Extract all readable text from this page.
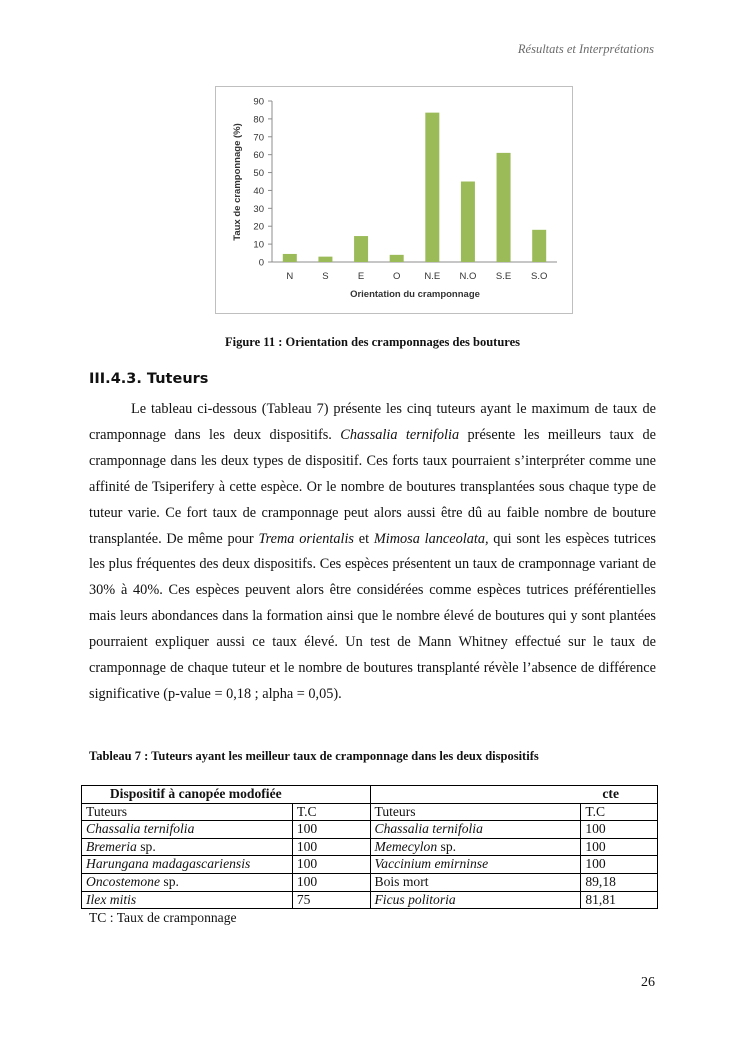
Résultats et Interprétations
0
10
20
30
40
50
60
70
80
90
N	S	E	O	N.E N.O S.E S.O
Orientation du cramponnage
Taux de cramponnage (%)
Figure 11 : Orientation des cramponnages des boutures
III.4.3. Tuteurs

Le tableau ci-dessous (Tableau 7) présente les cinq tuteurs ayant le maximum de taux de cramponnage dans les deux dispositifs. Chassalia ternifolia présente les meilleurs taux de cramponnage dans les deux types de dispositif. Ces forts taux pourraient s’interpréter comme une affinité de Tsiperifery à cette espèce. Or le nombre de boutures transplantées sous chaque type de tuteur varie. Ce fort taux de cramponnage peut alors aussi être dû au faible nombre de bouture transplantée. De même pour Trema orientalis et Mimosa lanceolata, qui sont les espèces tutrices les plus fréquentes des deux dispositifs. Ces espèces présentent un taux de cramponnage variant de 30% à 40%. Ces espèces peuvent alors être considérées comme espèces tutrices préférentielles mais leurs abondances dans la formation ainsi que le nombre élevé de boutures qui y sont plantées pourraient expliquer aussi ce taux élevé. Un test de Mann Whitney effectué sur le taux de cramponnage de chaque tuteur et le nombre de boutures transplanté révèle l’absence de différence significative (p-value = 0,18 ; alpha = 0,05).

Tableau 7 : Tuteurs ayant les meilleur taux de cramponnage dans les deux dispositifs
Dispositif à canopée modofiée		cte	
Tuteurs	T.C	Tuteurs	T.C
Chassalia ternifolia	100	Chassalia ternifolia	100
Bremeria sp.	100	Memecylon sp.	100
Harungana madagascariensis	100	Vaccinium emirninse	100
Oncostemone sp.	100	Bois mort	89,18
Ilex mitis	75	Ficus politoria	81,81
TC : Taux de cramponnage
26
